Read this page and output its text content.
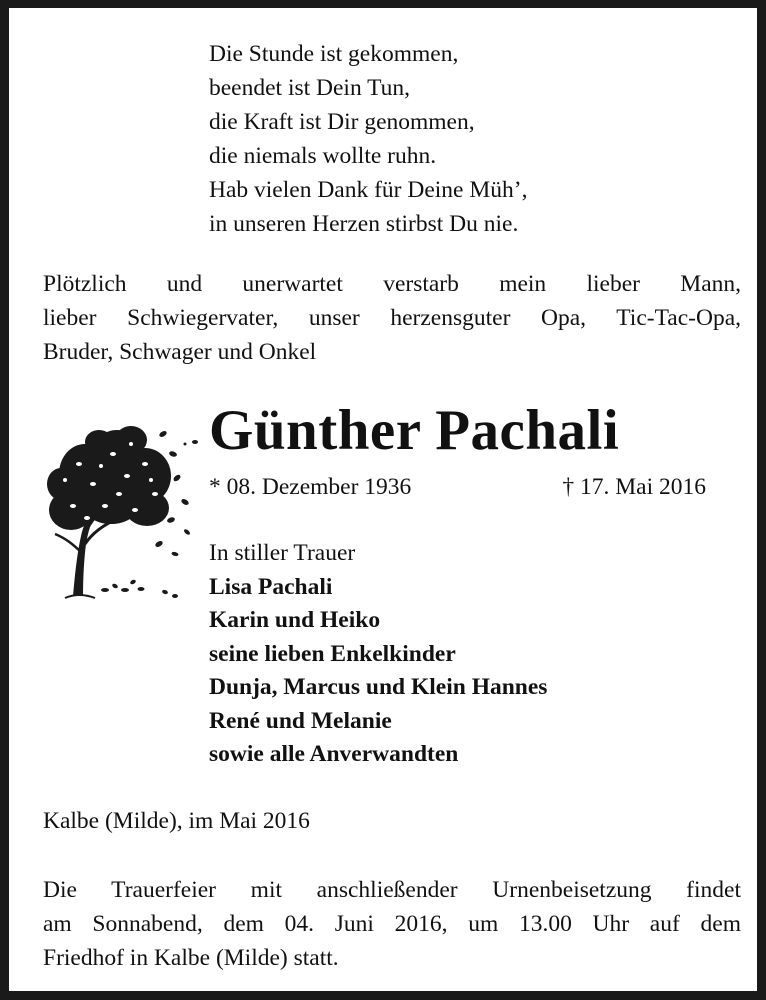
Die Stunde ist gekommen,
beendet ist Dein Tun,
die Kraft ist Dir genommen,
die niemals wollte ruhn.
Hab vielen Dank für Deine Müh’,
in unseren Herzen stirbst Du nie.
Plötzlich und unerwartet verstarb mein lieber Mann,
lieber Schwiegervater, unser herzensguter Opa, Tic-Tac-Opa,
Bruder, Schwager und Onkel
Günther Pachali
* 08. Dezember 1936	† 17. Mai 2016
In stiller Trauer
Lisa Pachali
Karin und Heiko
seine lieben Enkelkinder
Dunja, Marcus und Klein Hannes
René und Melanie
sowie alle Anverwandten
Kalbe (Milde), im Mai 2016
Die Trauerfeier mit anschließender Urnenbeisetzung findet
am Sonnabend, dem 04. Juni 2016, um 13.00 Uhr auf dem
Friedhof in Kalbe (Milde) statt.
